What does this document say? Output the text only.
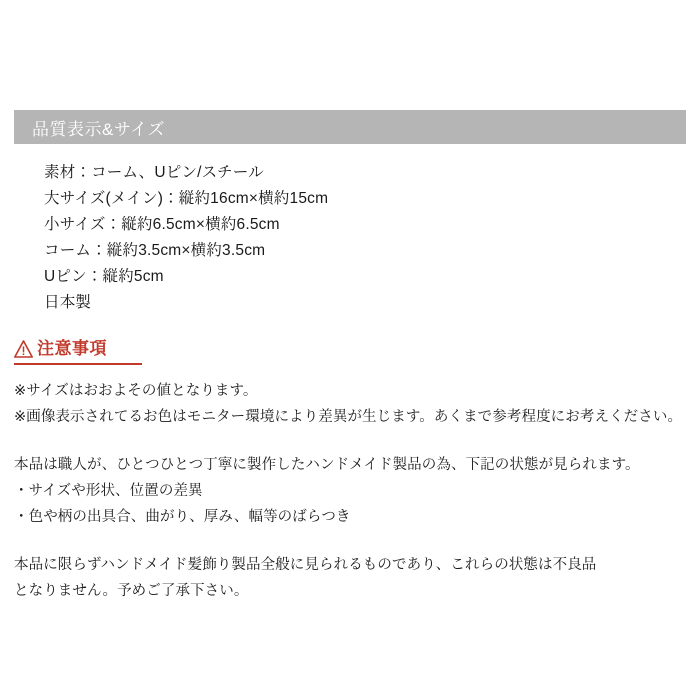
品質表示&サイズ
素材：コーム、Uピン/スチール
大サイズ(メイン)：縦約16cm×横約15cm
小サイズ：縦約6.5cm×横約6.5cm
コーム：縦約3.5cm×横約3.5cm
Uピン：縦約5cm
日本製
注意事項
※サイズはおおよその値となります。
※画像表示されてるお色はモニター環境により差異が生じます。あくまで参考程度にお考えください。
本品は職人が、ひとつひとつ丁寧に製作したハンドメイド製品の為、下記の状態が見られます。
・サイズや形状、位置の差異
・色や柄の出具合、曲がり、厚み、幅等のばらつき
本品に限らずハンドメイド髪飾り製品全般に見られるものであり、これらの状態は不良品
となりません。予めご了承下さい。
